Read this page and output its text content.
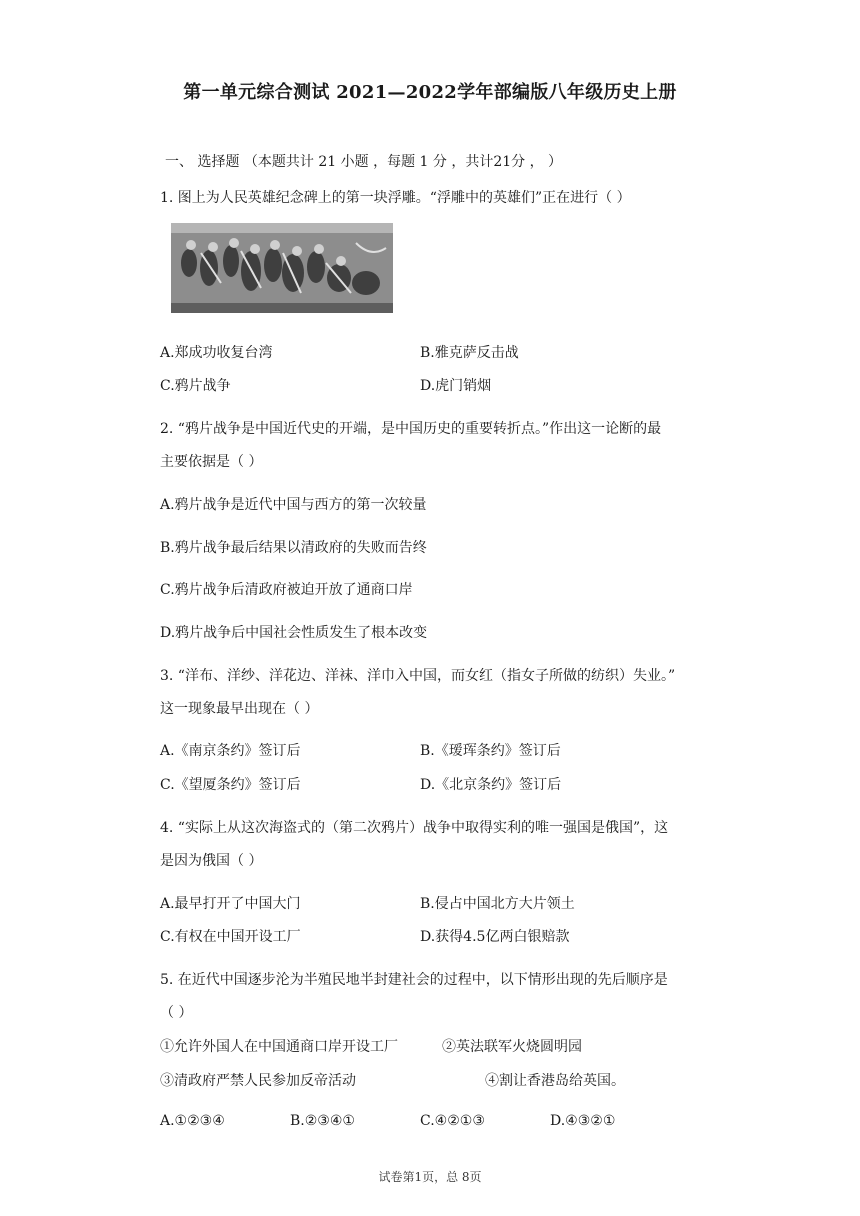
第一单元综合测试 2021—2022学年部编版八年级历史上册
一、 选择题 （本题共计 21 小题 ，每题 1 分 ，共计21分 ， ）
1. 图上为人民英雄纪念碑上的第一块浮雕。“浮雕中的英雄们”正在进行（ ）
A.郑成功收复台湾	B.雅克萨反击战
C.鸦片战争	D.虎门销烟
2. “鸦片战争是中国近代史的开端，是中国历史的重要转折点。”作出这一论断的最
主要依据是（ ）
A.鸦片战争是近代中国与西方的第一次较量
B.鸦片战争最后结果以清政府的失败而告终
C.鸦片战争后清政府被迫开放了通商口岸
D.鸦片战争后中国社会性质发生了根本改变
3. “洋布、洋纱、洋花边、洋袜、洋巾入中国，而女红（指女子所做的纺织）失业。”
这一现象最早出现在（ ）
A.《南京条约》签订后	B.《瑷珲条约》签订后
C.《望厦条约》签订后	D.《北京条约》签订后
4. “实际上从这次海盗式的（第二次鸦片）战争中取得实利的唯一强国是俄国”，这
是因为俄国（ ）
A.最早打开了中国大门	B.侵占中国北方大片领土
C.有权在中国开设工厂	D.获得4.5亿两白银赔款
5. 在近代中国逐步沦为半殖民地半封建社会的过程中，以下情形出现的先后顺序是
（ ）
①允许外国人在中国通商口岸开设工厂	②英法联军火烧圆明园
③清政府严禁人民参加反帝活动	④割让香港岛给英国。
A.①②③④	B.②③④①	C.④②①③	D.④③②①
试卷第1页，总 8页
